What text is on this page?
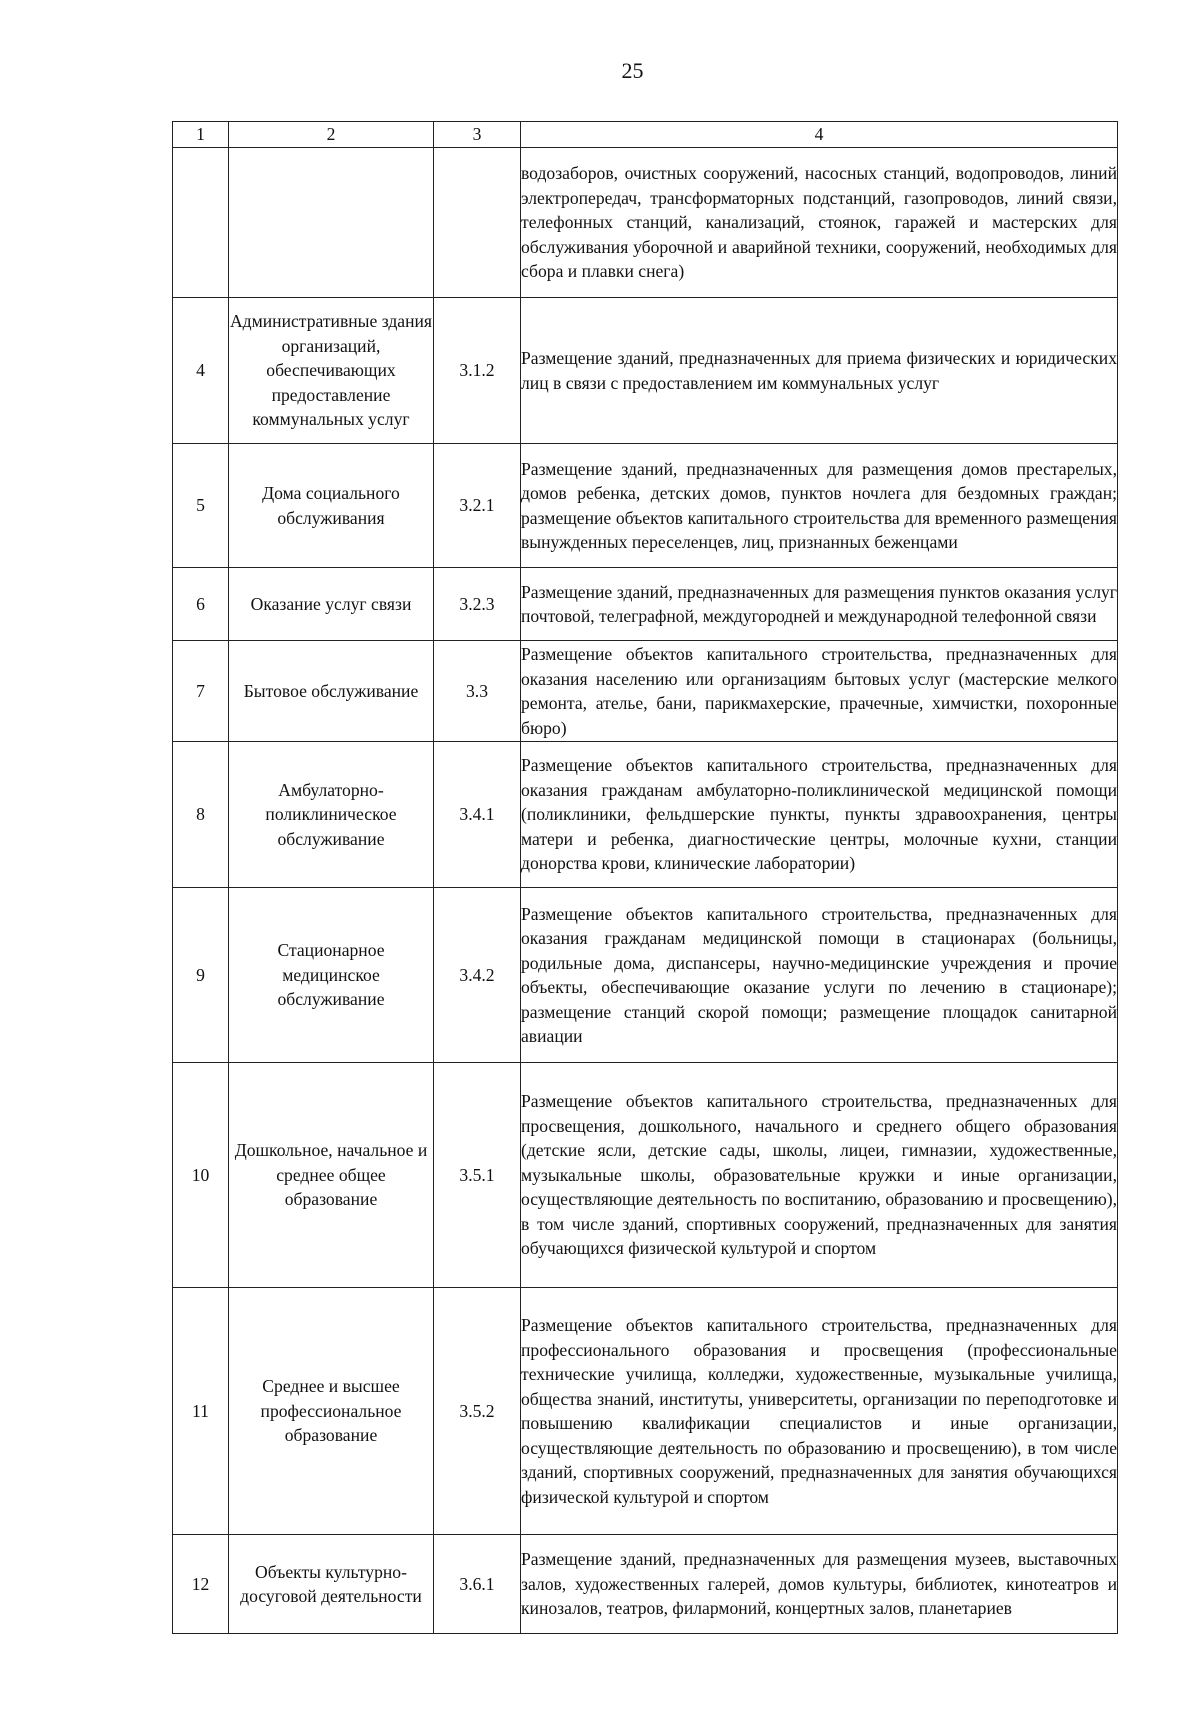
25
1	2	3	4
			водозаборов, очистных сооружений, насосных станций, водопроводов, линий электропередач, трансформаторных подстанций, газопроводов, линий связи, телефонных станций, канализаций, стоянок, гаражей и мастерских для обслуживания уборочной и аварийной техники, сооружений, необходимых для сбора и плавки снега)
4	Административные здания организаций, обеспечивающих предоставление коммунальных услуг	3.1.2	Размещение зданий, предназначенных для приема физических и юридических лиц в связи с предоставлением им коммунальных услуг
5	Дома социального обслуживания	3.2.1	Размещение зданий, предназначенных для размещения домов престарелых, домов ребенка, детских домов, пунктов ночлега для бездомных граждан; размещение объектов капитального строительства для временного размещения вынужденных переселенцев, лиц, признанных беженцами
6	Оказание услуг связи	3.2.3	Размещение зданий, предназначенных для размещения пунктов оказания услуг почтовой, телеграфной, междугородней и международной телефонной связи
7	Бытовое обслуживание	3.3	Размещение объектов капитального строительства, предназначенных для оказания населению или организациям бытовых услуг (мастерские мелкого ремонта, ателье, бани, парикмахерские, прачечные, химчистки, похоронные бюро)
8	Амбулаторно-поликлиническое обслуживание	3.4.1	Размещение объектов капитального строительства, предназначенных для оказания гражданам амбулаторно-поликлинической медицинской помощи (поликлиники, фельдшерские пункты, пункты здравоохранения, центры матери и ребенка, диагностические центры, молочные кухни, станции донорства крови, клинические лаборатории)
9	Стационарное медицинское обслуживание	3.4.2	Размещение объектов капитального строительства, предназначенных для оказания гражданам медицинской помощи в стационарах (больницы, родильные дома, диспансеры, научно-медицинские учреждения и прочие объекты, обеспечивающие оказание услуги по лечению в стационаре); размещение станций скорой помощи; размещение площадок санитарной авиации
10	Дошкольное, начальное и среднее общее образование	3.5.1	Размещение объектов капитального строительства, предназначенных для просвещения, дошкольного, начального и среднего общего образования (детские ясли, детские сады, школы, лицеи, гимназии, художественные, музыкальные школы, образовательные кружки и иные организации, осуществляющие деятельность по воспитанию, образованию и просвещению), в том числе зданий, спортивных сооружений, предназначенных для занятия обучающихся физической культурой и спортом
11	Среднее и высшее профессиональное образование	3.5.2	Размещение объектов капитального строительства, предназначенных для профессионального образования и просвещения (профессиональные технические училища, колледжи, художественные, музыкальные училища, общества знаний, институты, университеты, организации по переподготовке и повышению квалификации специалистов и иные организации, осуществляющие деятельность по образованию и просвещению), в том числе зданий, спортивных сооружений, предназначенных для занятия обучающихся физической культурой и спортом
12	Объекты культурно-досуговой деятельности	3.6.1	Размещение зданий, предназначенных для размещения музеев, выставочных залов, художественных галерей, домов культуры, библиотек, кинотеатров и кинозалов, театров, филармоний, концертных залов, планетариев
